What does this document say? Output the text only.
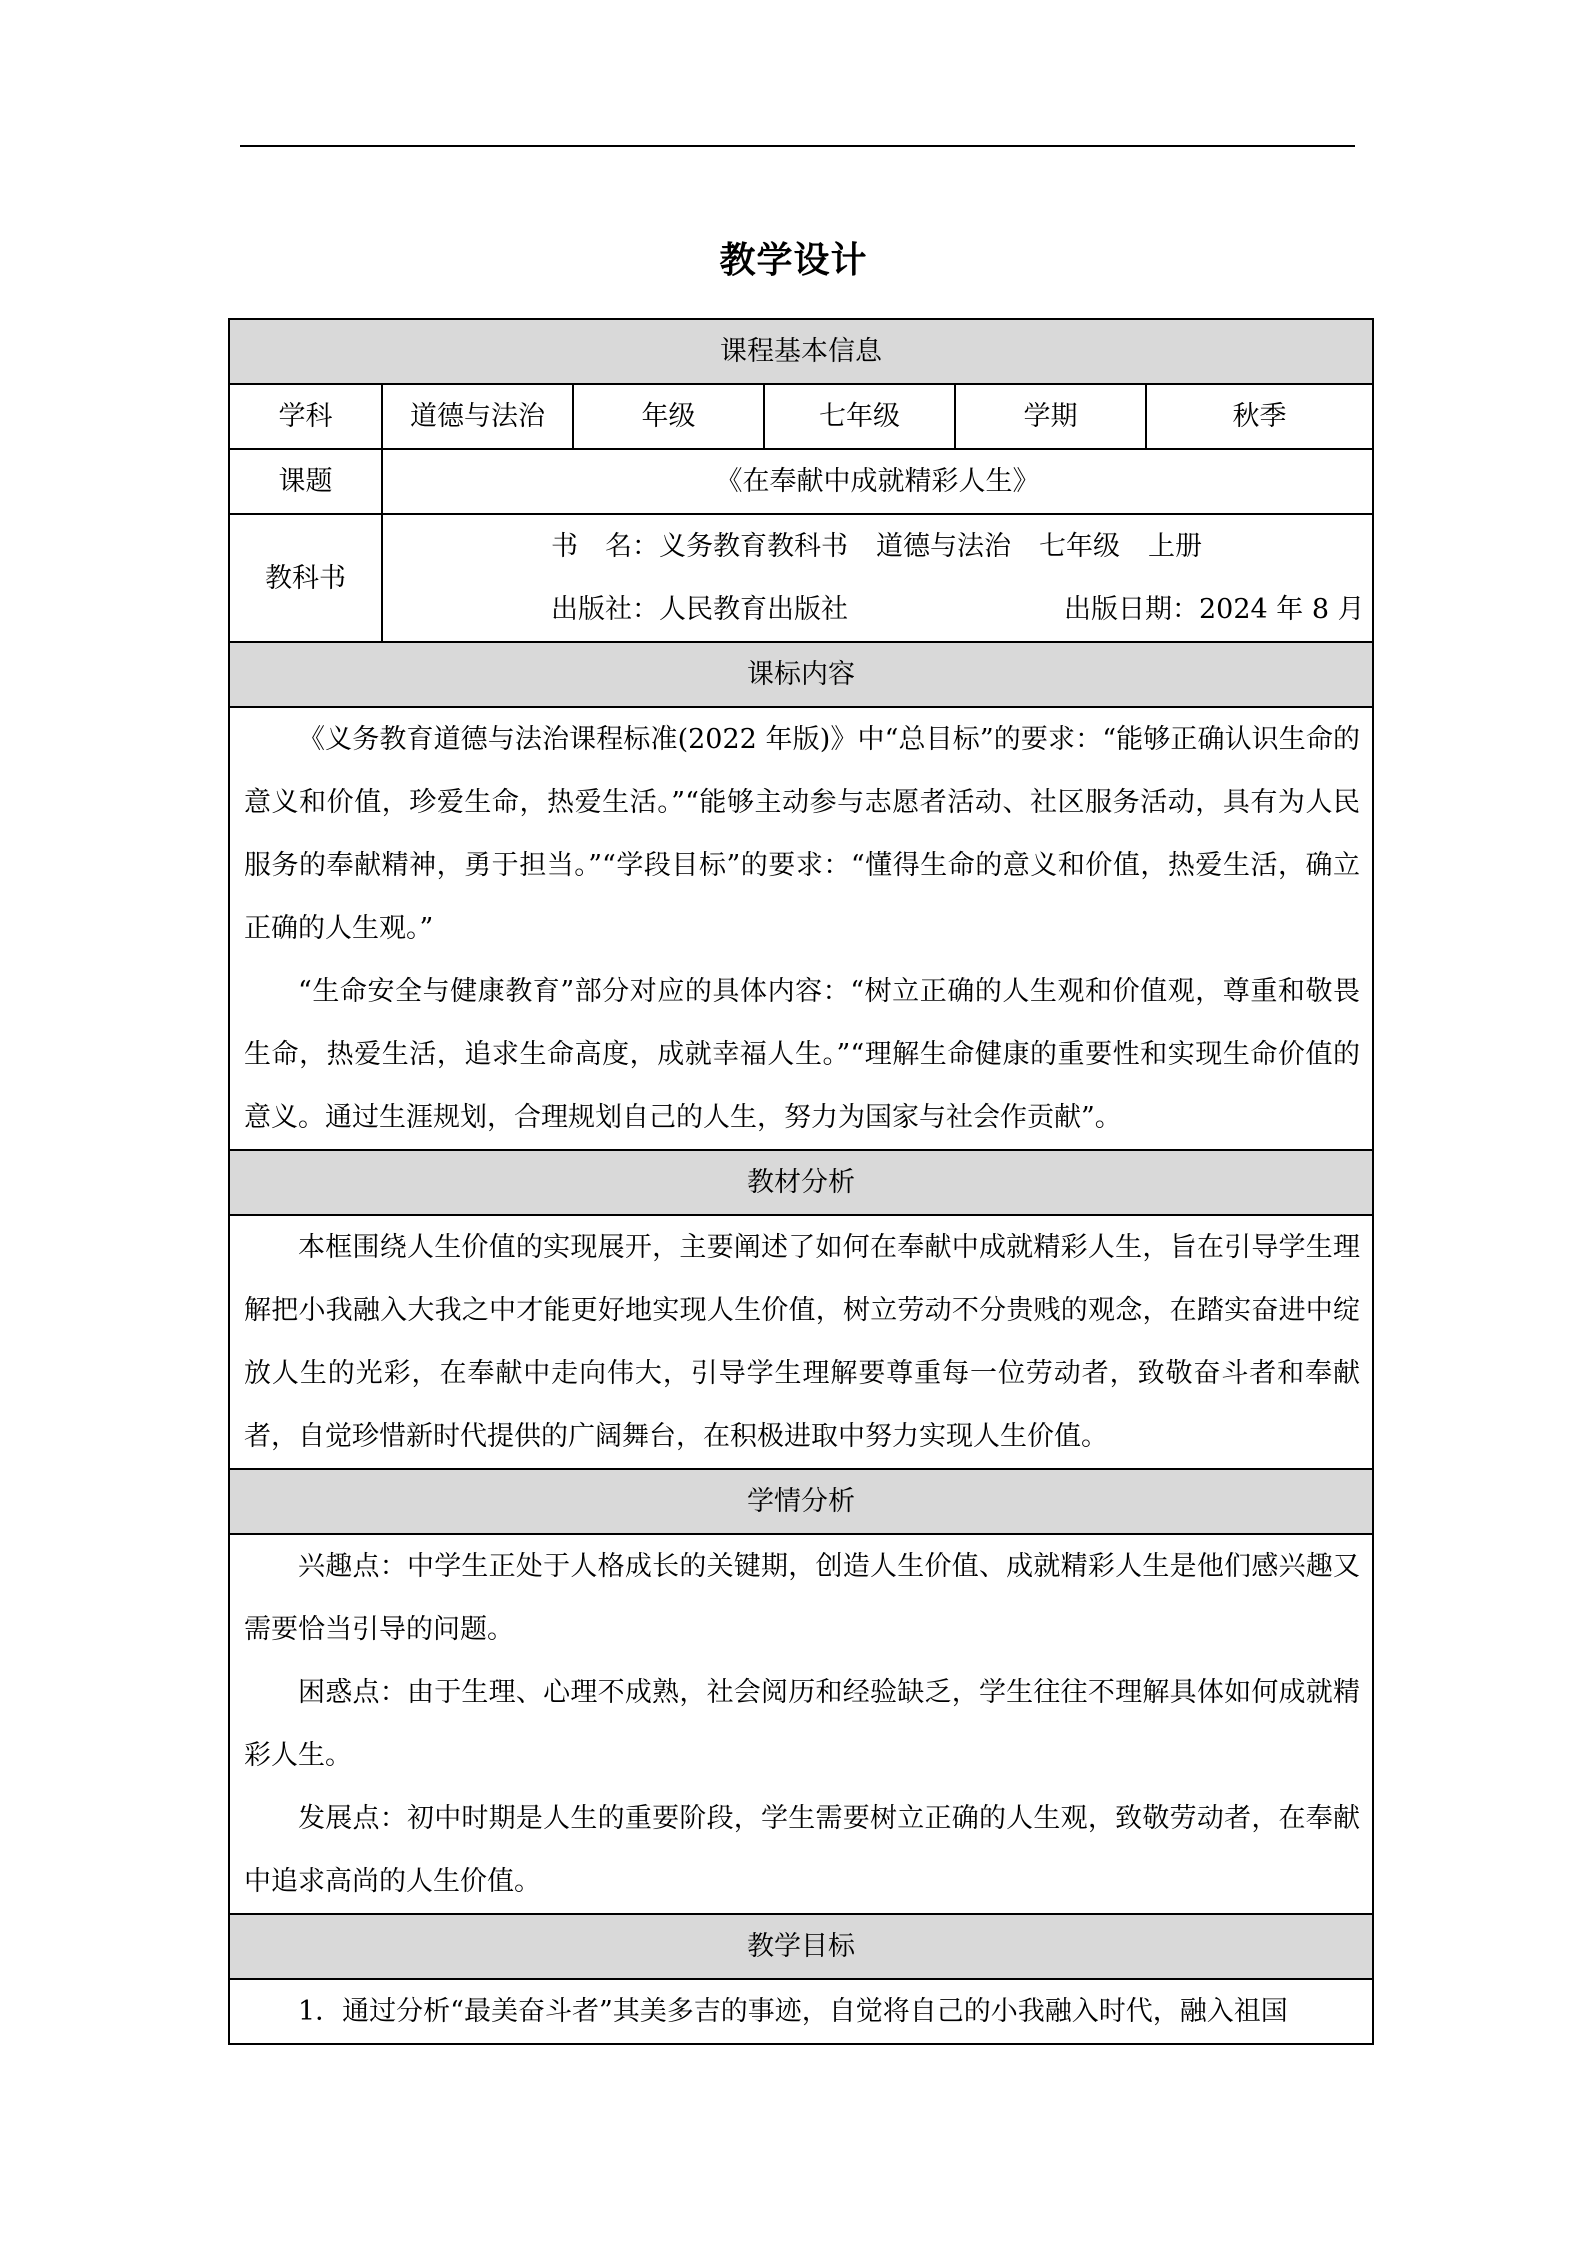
教学设计
课程基本信息					
学科	道德与法治	年级	七年级	学期	秋季
课题	《在奉献中成就精彩人生》				
教科书	书　名：义务教育教科书 道德与法治 七年级 上册
出版社：人民教育出版社 出版日期：2024 年 8 月				

课标内容					

《义务教育道德与法治课程标准(2022 年版)》中“总目标”的要求：“能够正确认识生命的意义和价值，珍爱生命，热爱生活。”“能够主动参与志愿者活动、社区服务活动，具有为人民服务的奉献精神，勇于担当。”“学段目标”的要求：“懂得生命的意义和价值，热爱生活，确立正确的人生观。”

“生命安全与健康教育”部分对应的具体内容：“树立正确的人生观和价值观，尊重和敬畏生命，热爱生活，追求生命高度，成就幸福人生。”“理解生命健康的重要性和实现生命价值的意义。通过生涯规划，合理规划自己的人生，努力为国家与社会作贡献”。					

教材分析					

本框围绕人生价值的实现展开，主要阐述了如何在奉献中成就精彩人生，旨在引导学生理解把小我融入大我之中才能更好地实现人生价值，树立劳动不分贵贱的观念，在踏实奋进中绽放人生的光彩，在奉献中走向伟大，引导学生理解要尊重每一位劳动者，致敬奋斗者和奉献者，自觉珍惜新时代提供的广阔舞台，在积极进取中努力实现人生价值。					

学情分析					

兴趣点：中学生正处于人格成长的关键期，创造人生价值、成就精彩人生是他们感兴趣又需要恰当引导的问题。

困惑点：由于生理、心理不成熟，社会阅历和经验缺乏，学生往往不理解具体如何成就精彩人生。

发展点：初中时期是人生的重要阶段，学生需要树立正确的人生观，致敬劳动者，在奉献中追求高尚的人生价值。					

教学目标					

1．通过分析“最美奋斗者”其美多吉的事迹，自觉将自己的小我融入时代，融入祖国					
